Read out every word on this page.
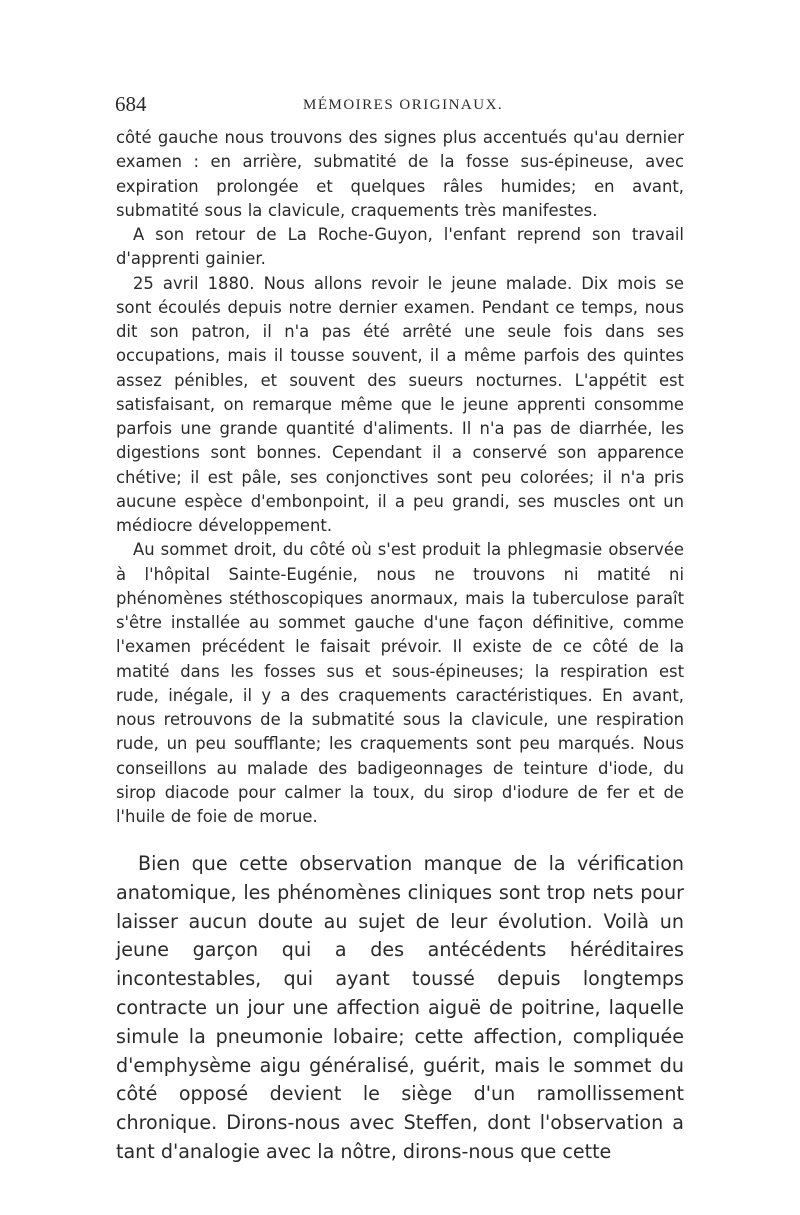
684	MÉMOIRES ORIGINAUX.

côté gauche nous trouvons des signes plus accentués qu'au dernier examen : en arrière, submatité de la fosse sus-épineuse, avec expiration prolongée et quelques râles humides; en avant, submatité sous la clavicule, craquements très manifestes.

A son retour de La Roche-Guyon, l'enfant reprend son travail d'apprenti gainier.

25 avril 1880. Nous allons revoir le jeune malade. Dix mois se sont écoulés depuis notre dernier examen. Pendant ce temps, nous dit son patron, il n'a pas été arrêté une seule fois dans ses occupations, mais il tousse souvent, il a même parfois des quintes assez pénibles, et souvent des sueurs nocturnes. L'appétit est satisfaisant, on remarque même que le jeune apprenti consomme parfois une grande quantité d'aliments. Il n'a pas de diarrhée, les digestions sont bonnes. Cependant il a conservé son apparence chétive; il est pâle, ses conjonctives sont peu colorées; il n'a pris aucune espèce d'embonpoint, il a peu grandi, ses muscles ont un médiocre développement.

Au sommet droit, du côté où s'est produit la phlegmasie observée à l'hôpital Sainte-Eugénie, nous ne trouvons ni matité ni phénomènes stéthoscopiques anormaux, mais la tuberculose paraît s'être installée au sommet gauche d'une façon définitive, comme l'examen précédent le faisait prévoir. Il existe de ce côté de la matité dans les fosses sus et sous-épineuses; la respiration est rude, inégale, il y a des craquements caractéristiques. En avant, nous retrouvons de la submatité sous la clavicule, une respiration rude, un peu soufflante; les craquements sont peu marqués. Nous conseillons au malade des badigeonnages de teinture d'iode, du sirop diacode pour calmer la toux, du sirop d'iodure de fer et de l'huile de foie de morue.

Bien que cette observation manque de la vérification anatomique, les phénomènes cliniques sont trop nets pour laisser aucun doute au sujet de leur évolution. Voilà un jeune garçon qui a des antécédents héréditaires incontestables, qui ayant toussé depuis longtemps contracte un jour une affection aiguë de poitrine, laquelle simule la pneumonie lobaire; cette affection, compliquée d'emphysème aigu généralisé, guérit, mais le sommet du côté opposé devient le siège d'un ramollissement chronique. Dirons-nous avec Steffen, dont l'observation a tant d'analogie avec la nôtre, dirons-nous que cette
